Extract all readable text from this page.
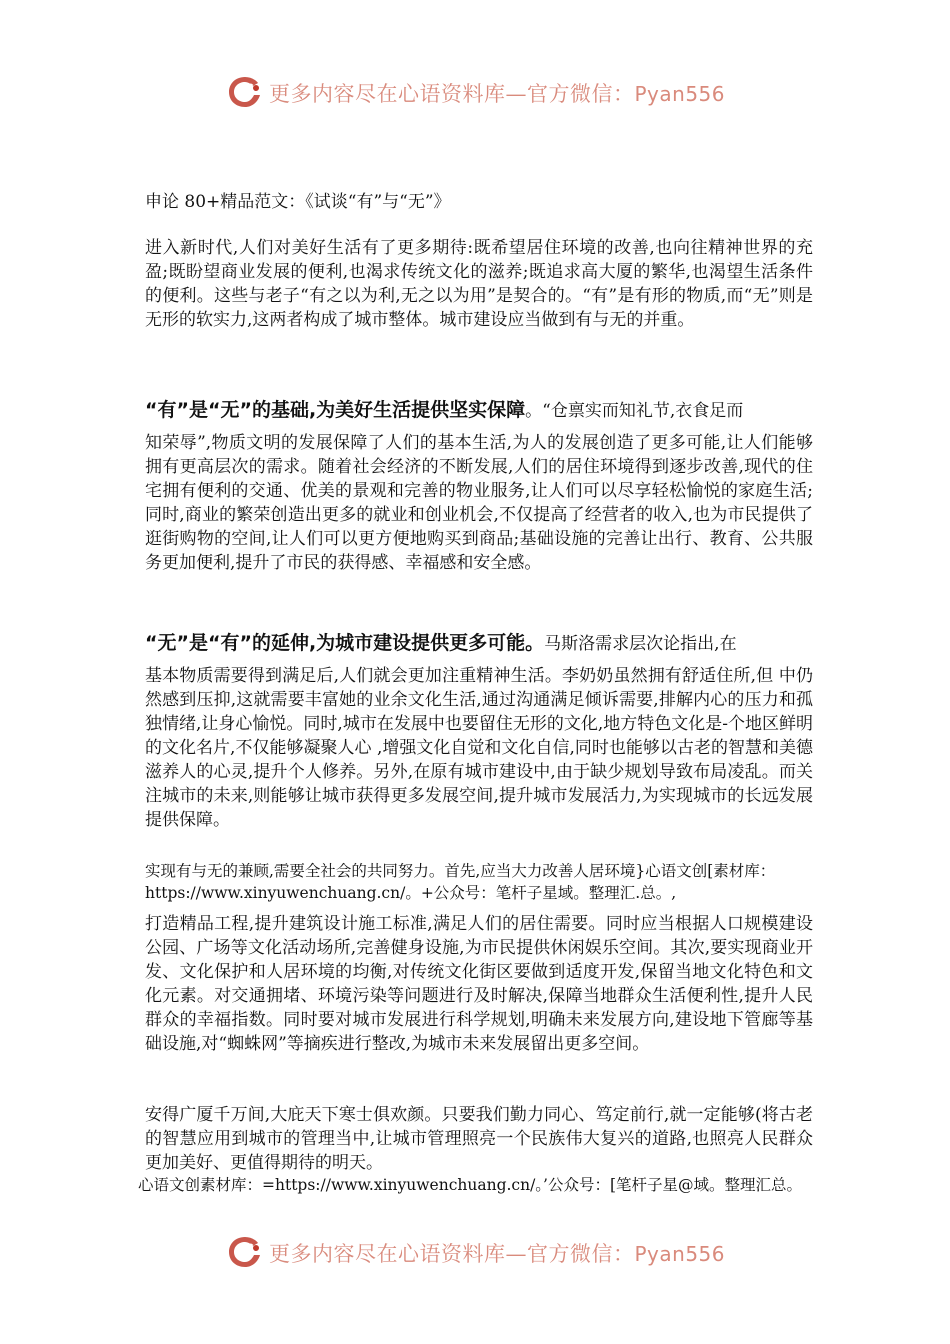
更多内容尽在心语资料库—官方微信：Pyan556

申论 80+精品范文：《试谈“有”与“无”》

进入新时代,人们对美好生活有了更多期待:既希望居住环境的改善,也向往精神世界的充盈;既盼望商业发展的便利,也渴求传统文化的滋养;既追求高大厦的繁华,也渴望生活条件的便利。这些与老子“有之以为利,无之以为用”是契合的。“有”是有形的物质,而“无”则是无形的软实力,这两者构成了城市整体。城市建设应当做到有与无的并重。

“有”是“无”的基础,为美好生活提供坚实保障。“仓禀实而知礼节,衣食足而
知荣辱”,物质文明的发展保障了人们的基本生活,为人的发展创造了更多可能,让人们能够拥有更高层次的需求。随着社会经济的不断发展,人们的居住环境得到逐步改善,现代的住宅拥有便利的交通、优美的景观和完善的物业服务,让人们可以尽享轻松愉悦的家庭生活;同时,商业的繁荣创造出更多的就业和创业机会,不仅提高了经营者的收入,也为市民提供了逛街购物的空间,让人们可以更方便地购买到商品;基础设施的完善让出行、教育、公共服务更加便利,提升了市民的获得感、幸福感和安全感。
“无”是“有”的延伸,为城市建设提供更多可能。马斯洛需求层次论指出,在
基本物质需要得到满足后,人们就会更加注重精神生活。李奶奶虽然拥有舒适住所,但 中仍然感到压抑,这就需要丰富她的业余文化生活,通过沟通满足倾诉需要,排解内心的压力和孤独情绪,让身心愉悦。同时,城市在发展中也要留住无形的文化,地方特色文化是-个地区鲜明的文化名片,不仅能够凝聚人心 ,增强文化自觉和文化自信,同时也能够以古老的智慧和美德滋养人的心灵,提升个人修养。另外,在原有城市建设中,由于缺少规划导致布局凌乱。而关注城市的未来,则能够让城市获得更多发展空间,提升城市发展活力,为实现城市的长远发展提供保障。

实现有与无的兼顾,需要全社会的共同努力。首先,应当大力改善人居环境}心语文创[素材库：https://www.xinyuwenchuang.cn/。+公众号：笔杆子星域。整理汇.总。,

打造精品工程,提升建筑设计施工标准,满足人们的居住需要。同时应当根据人口规模建设公园、广场等文化活动场所,完善健身设施,为市民提供休闲娱乐空间。其次,要实现商业开发、文化保护和人居环境的均衡,对传统文化街区要做到适度开发,保留当地文化特色和文化元素。对交通拥堵、环境污染等问题进行及时解决,保障当地群众生活便利性,提升人民群众的幸福指数。同时要对城市发展进行科学规划,明确未来发展方向,建设地下管廊等基础设施,对“蜘蛛网”等摘疾进行整改,为城市未来发展留出更多空间。

安得广厦千万间,大庇天下寒士俱欢颜。只要我们勤力同心、笃定前行,就一定能够(将古老的智慧应用到城市的管理当中,让城市管理照亮一个民族伟大复兴的道路,也照亮人民群众更加美好、更值得期待的明天。

心语文创素材库：=https://www.xinyuwenchuang.cn/。’公众号：[笔杆子星@域。整理汇总。

更多内容尽在心语资料库—官方微信：Pyan556
